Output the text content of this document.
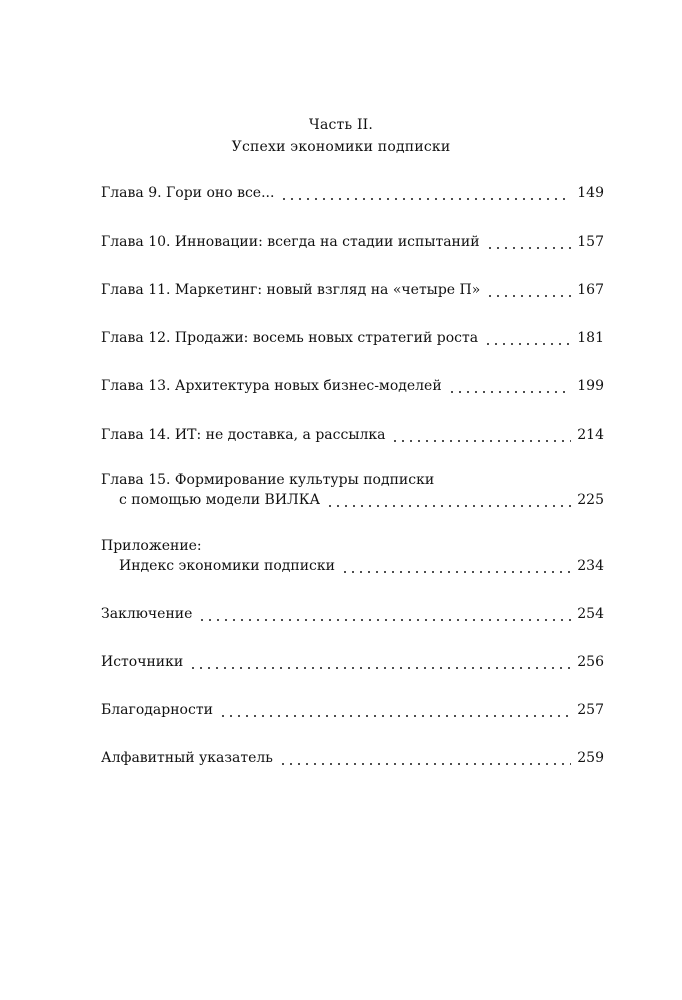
Часть II.
Успехи экономики подписки
Глава 9. Гори оно все...	149
Глава 10. Инновации: всегда на стадии испытаний	157
Глава 11. Маркетинг: новый взгляд на «четыре П»	167
Глава 12. Продажи: восемь новых стратегий роста	181
Глава 13. Архитектура новых бизнес-моделей	199
Глава 14. ИТ: не доставка, а рассылка	214
Глава 15. Формирование культуры подписки
с помощью модели ВИЛКА	225
Приложение:
Индекс экономики подписки	234
Заключение	254
Источники	256
Благодарности	257
Алфавитный указатель	259
